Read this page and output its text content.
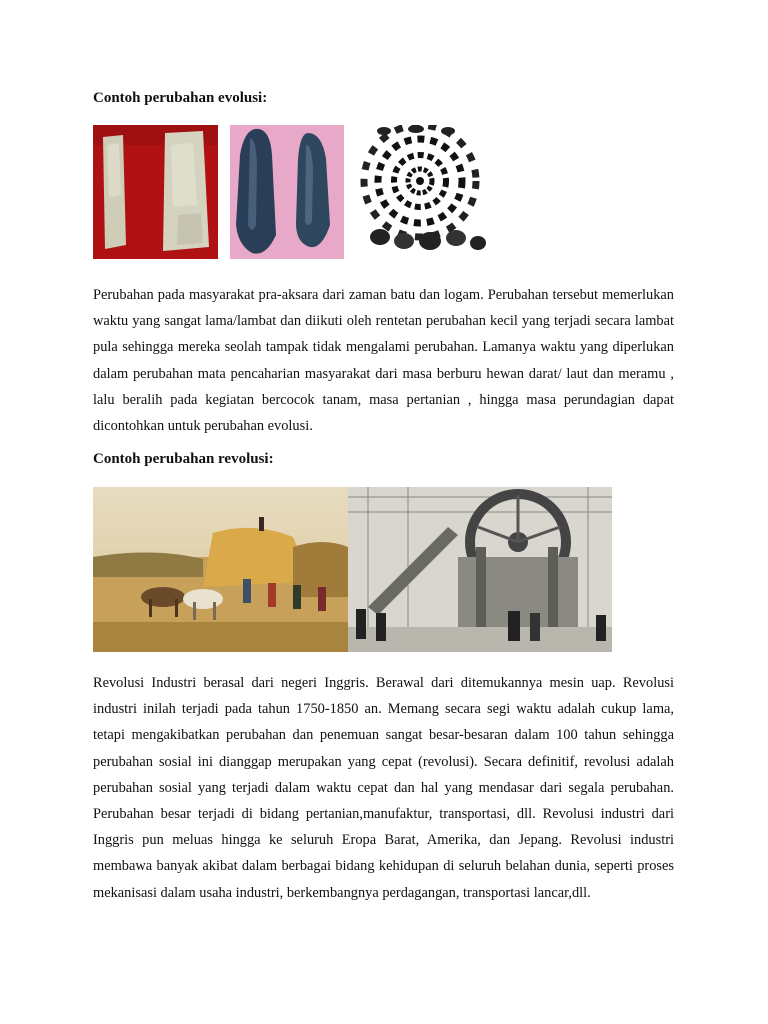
Contoh perubahan evolusi:

Perubahan pada masyarakat pra-aksara dari zaman batu dan logam. Perubahan tersebut memerlukan waktu yang sangat lama/lambat dan diikuti oleh rentetan perubahan kecil yang terjadi secara lambat pula sehingga mereka seolah tampak tidak mengalami perubahan. Lamanya waktu yang diperlukan dalam perubahan mata pencaharian masyarakat dari masa berburu hewan darat/ laut dan meramu , lalu beralih pada kegiatan bercocok tanam, masa pertanian , hingga masa perundagian dapat dicontohkan untuk perubahan evolusi.

Contoh perubahan revolusi:

Revolusi Industri berasal dari negeri Inggris. Berawal dari ditemukannya mesin uap. Revolusi industri inilah terjadi pada tahun 1750-1850 an. Memang secara segi waktu adalah cukup lama, tetapi mengakibatkan perubahan dan penemuan sangat besar-besaran dalam 100 tahun sehingga perubahan sosial ini dianggap merupakan yang cepat (revolusi). Secara definitif, revolusi adalah perubahan sosial yang terjadi dalam waktu cepat dan hal yang mendasar dari segala perubahan. Perubahan besar terjadi di bidang pertanian,manufaktur, transportasi, dll. Revolusi industri dari Inggris pun meluas hingga ke seluruh Eropa Barat, Amerika, dan Jepang. Revolusi industri membawa banyak akibat dalam berbagai bidang kehidupan di seluruh belahan dunia, seperti proses mekanisasi dalam usaha industri, berkembangnya perdagangan, transportasi lancar,dll.
